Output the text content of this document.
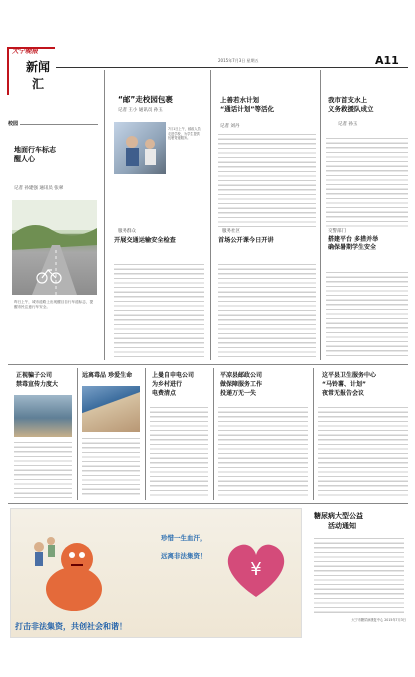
大宁晚报
新闻
汇
2015年7月3日 星期五	A11
校园
地面行车标志
醒人心
记者 孙建强 通讯员 张翠
昨日上午，城市道路上出现醒目自行车道标志，提醒市民注意行车安全。
“邮”走校园包裹
记者 王小 通讯员 孙玉
7月1日上午，邮政人员走进学校，为学生提供包裹寄递服务。
服务群众
开展交通运输安全检查
上善若水计划
“通话计划”等活化
记者 刘丹
服务社区
首场公开课今日开讲
我市首支水上
义务救援队成立
记者 孙玉
交警部门
搭建平台 多措并举
确保暑期学生安全
正视骗子公司
禁毒宣传力度大
远离毒品 珍爱生命	上曼自申电公司
为乡村进行
电费清点
平凉县邮政公司
做保障服务工作
投递万无一失
这平县卫生服务中心
“马铃薯、计划”
夜常无报告会议
¥
珍惜一生血汗，
远离非法集资！
打击非法集资，共创社会和谐！
糖尿病大型公益
活动通知
大宁市糖尿病康复中心 2015年7月3日
